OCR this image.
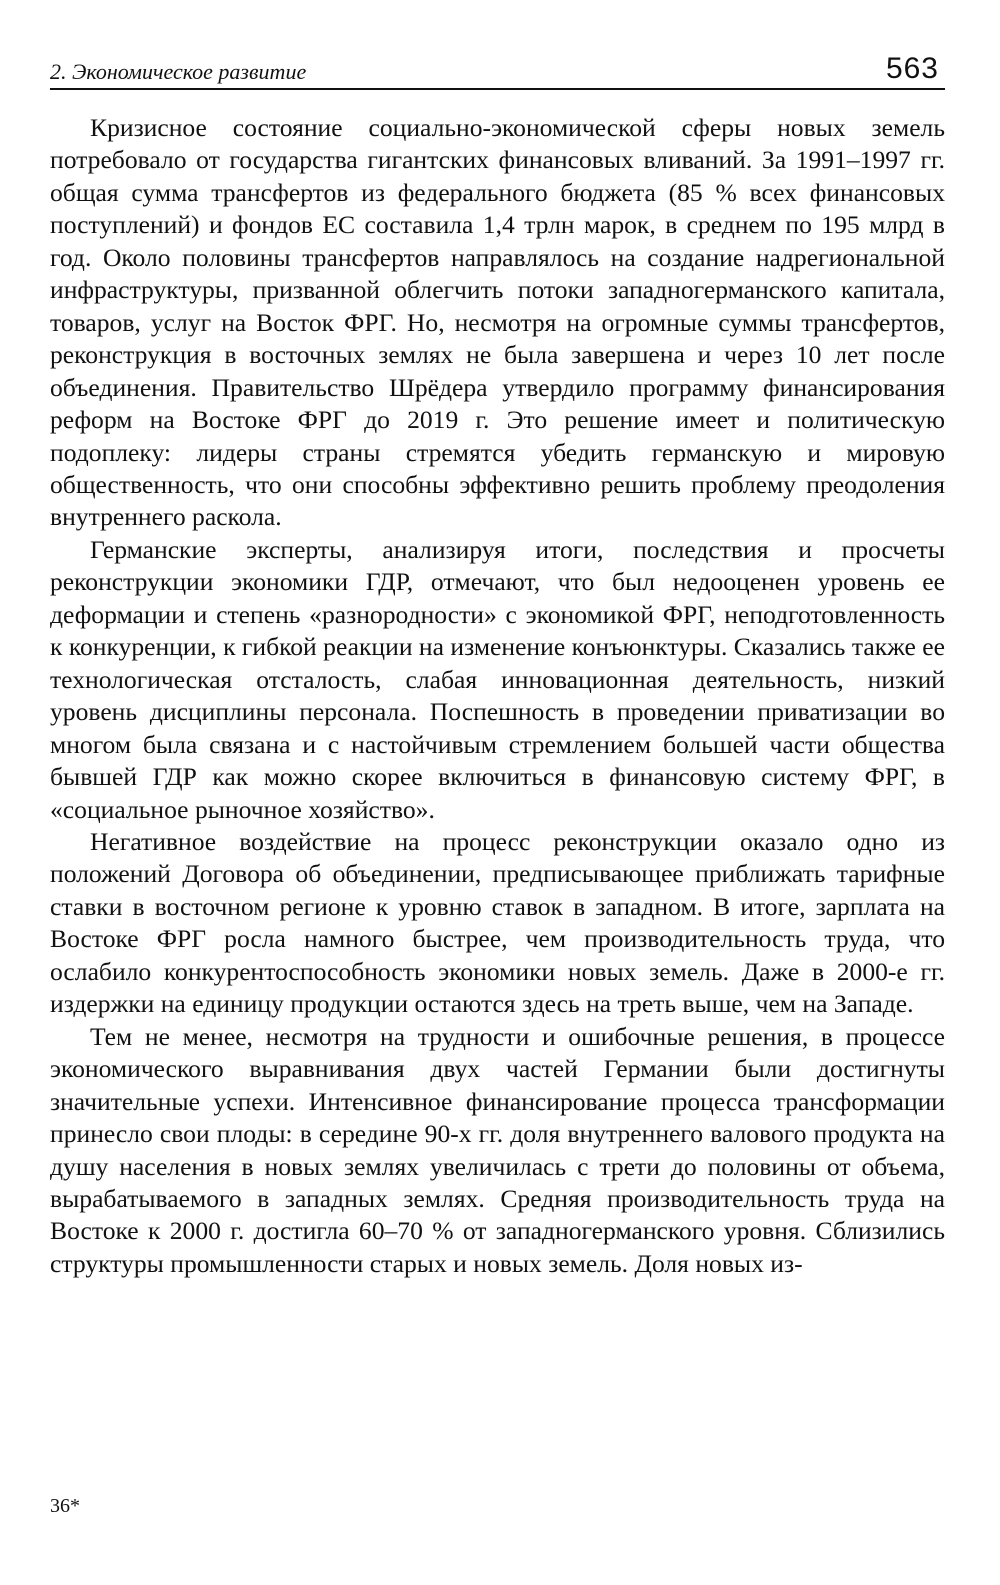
2. Экономическое развитие	563

Кризисное состояние социально-экономической сферы новых земель потребовало от государства гигантских финансовых вливаний. За 1991–1997 гг. общая сумма трансфертов из федерального бюджета (85 % всех финансовых поступлений) и фондов ЕС составила 1,4 трлн марок, в среднем по 195 млрд в год. Около половины трансфертов направлялось на создание надрегиональной инфраструктуры, призванной облегчить потоки западногерманского капитала, товаров, услуг на Восток ФРГ. Но, несмотря на огромные суммы трансфертов, реконструкция в восточных землях не была завершена и через 10 лет после объединения. Правительство Шрёдера утвердило программу финансирования реформ на Востоке ФРГ до 2019 г. Это решение имеет и политическую подоплеку: лидеры страны стремятся убедить германскую и мировую общественность, что они способны эффективно решить проблему преодоления внутреннего раскола.

Германские эксперты, анализируя итоги, последствия и просчеты реконструкции экономики ГДР, отмечают, что был недооценен уровень ее деформации и степень «разнородности» с экономикой ФРГ, неподготовленность к конкуренции, к гибкой реакции на изменение конъюнктуры. Сказались также ее технологическая отсталость, слабая инновационная деятельность, низкий уровень дисциплины персонала. Поспешность в проведении приватизации во многом была связана и с настойчивым стремлением большей части общества бывшей ГДР как можно скорее включиться в финансовую систему ФРГ, в «социальное рыночное хозяйство».

Негативное воздействие на процесс реконструкции оказало одно из положений Договора об объединении, предписывающее приближать тарифные ставки в восточном регионе к уровню ставок в западном. В итоге, зарплата на Востоке ФРГ росла намного быстрее, чем производительность труда, что ослабило конкурентоспособность экономики новых земель. Даже в 2000-е гг. издержки на единицу продукции остаются здесь на треть выше, чем на Западе.

Тем не менее, несмотря на трудности и ошибочные решения, в процессе экономического выравнивания двух частей Германии были достигнуты значительные успехи. Интенсивное финансирование процесса трансформации принесло свои плоды: в середине 90-х гг. доля внутреннего валового продукта на душу населения в новых землях увеличилась с трети до половины от объема, вырабатываемого в западных землях. Средняя производительность труда на Востоке к 2000 г. достигла 60–70 % от западногерманского уровня. Сблизились структуры промышленности старых и новых земель. Доля новых из-

36*
